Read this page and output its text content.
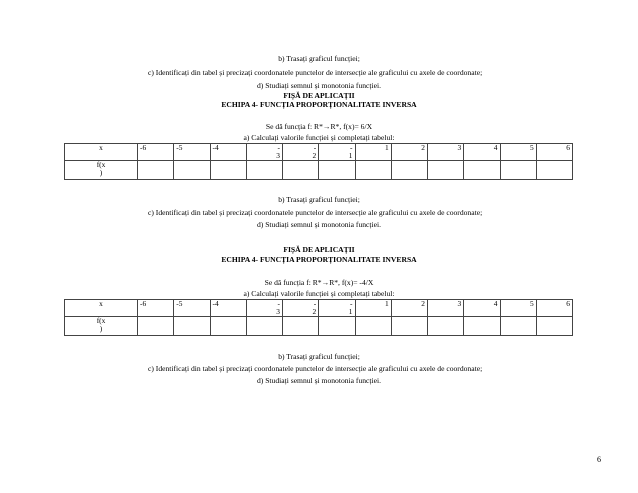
b) Trasați graficul funcției;
c) Identificați din tabel și precizați coordonatele punctelor de intersecție ale graficului cu axele de coordonate;
d) Studiați semnul și monotonia funcției.
FIȘĂ DE APLICAȚII
ECHIPA 4- FUNCȚIA PROPORȚIONALITATE INVERSA
Se dă funcția f: R*→R*, f(x)= 6/X
a) Calculați valorile funcției și completați tabelul:
x	-6	-5	-4	-
3	-
2	-
1	1	2	3	4	5	6
f(x
)												
b) Trasați graficul funcției;
c) Identificați din tabel și precizați coordonatele punctelor de intersecție ale graficului cu axele de coordonate;
d) Studiați semnul și monotonia funcției.
FIȘĂ DE APLICAȚII
ECHIPA 4- FUNCȚIA PROPORȚIONALITATE INVERSA
Se dă funcția f: R*→R*, f(x)= -4/X
a) Calculați valorile funcției și completați tabelul:
x	-6	-5	-4	-
3	-
2	-
1	1	2	3	4	5	6
f(x
)												
b) Trasați graficul funcției;
c) Identificați din tabel și precizați coordonatele punctelor de intersecție ale graficului cu axele de coordonate;
d) Studiați semnul și monotonia funcției.
6
